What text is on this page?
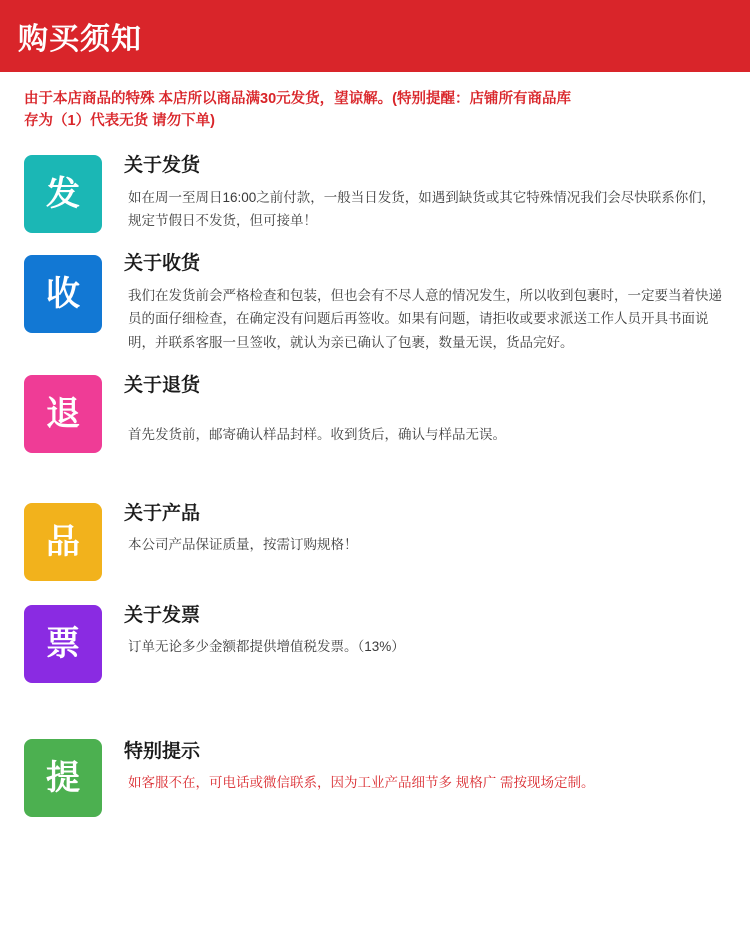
购买须知
由于本店商品的特殊 本店所以商品满30元发货，望谅解。(特别提醒：店铺所有商品库存为（1）代表无货 请勿下单)
发

关于发货

如在周一至周日16:00之前付款，一般当日发货，如遇到缺货或其它特殊情况我们会尽快联系你们，规定节假日不发货，但可接单！

收

关于收货

我们在发货前会严格检查和包装，但也会有不尽人意的情况发生，所以收到包裹时，一定要当着快递员的面仔细检查，在确定没有问题后再签收。如果有问题，请拒收或要求派送工作人员开具书面说明，并联系客服一旦签收，就认为亲已确认了包裹，数量无误，货品完好。

退

关于退货

首先发货前，邮寄确认样品封样。收到货后，确认与样品无误。

品

关于产品

本公司产品保证质量，按需订购规格！

票

关于发票

订单无论多少金额都提供增值税发票。（13%）

提

特别提示

如客服不在，可电话或微信联系，因为工业产品细节多 规格广 需按现场定制。
